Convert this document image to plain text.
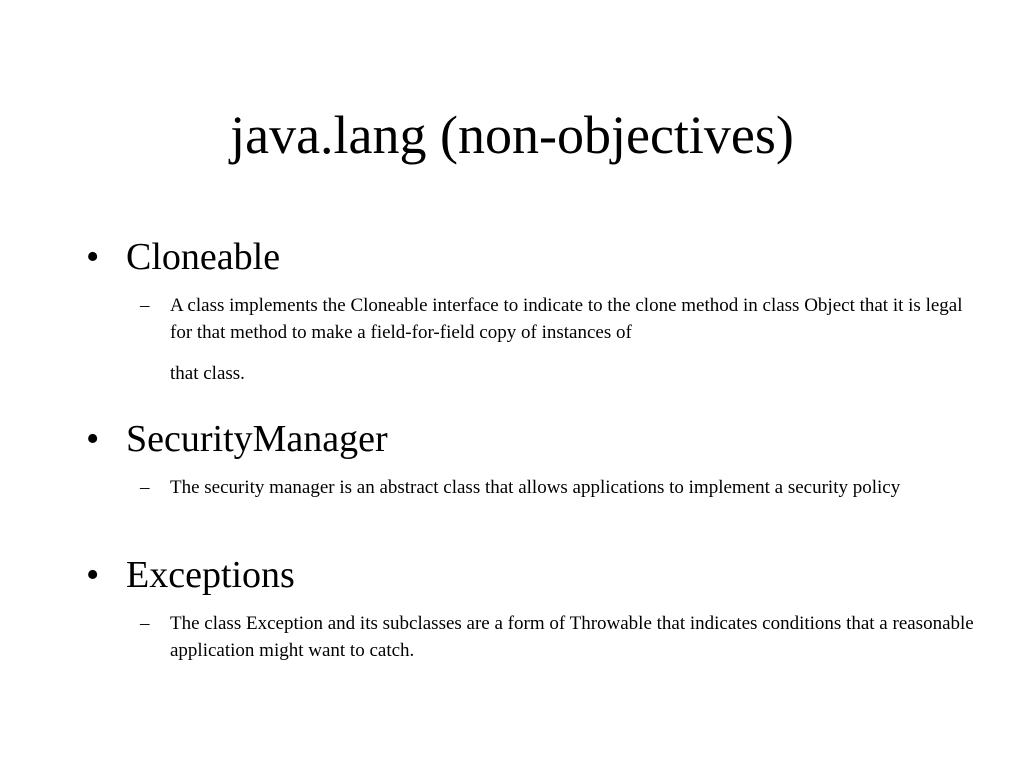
java.lang (non-objectives)
• Cloneable
– A class implements the Cloneable interface to indicate to the clone method in class Object that it is legal for that method to make a field-for-field copy of instances of
that class.
• SecurityManager
– The security manager is an abstract class that allows applications to implement a security policy
• Exceptions
– The class Exception and its subclasses are a form of Throwable that indicates conditions that a reasonable application might want to catch.
